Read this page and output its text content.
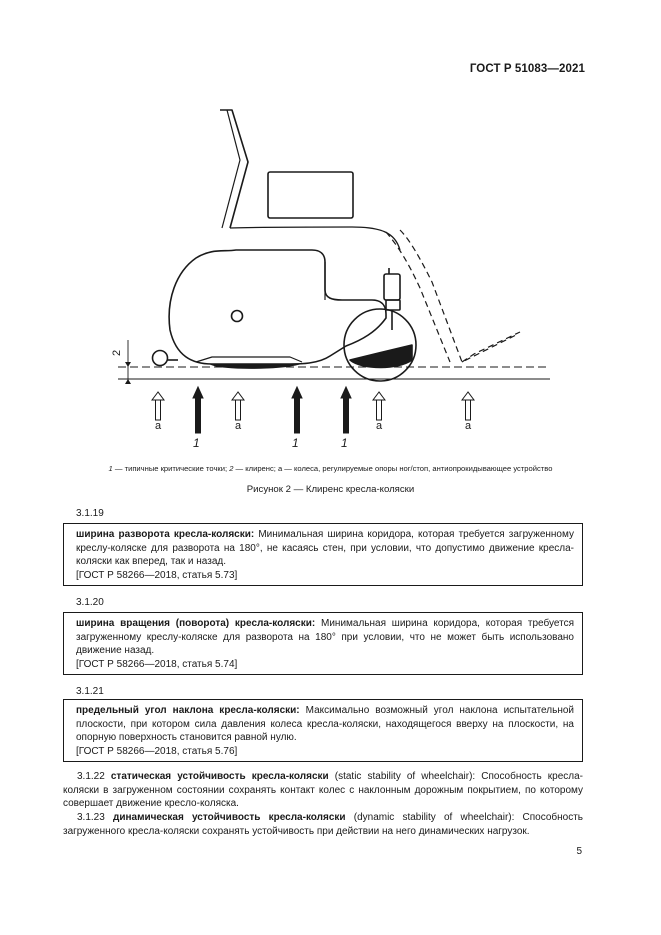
ГОСТ Р 51083—2021
2
а
1
а
1	1
а	а
1 — типичные критические точки; 2 — клиренс; а — колеса, регулируемые опоры ног/стоп, антиопрокидывающее устройство
Рисунок 2 — Клиренс кресла-коляски
3.1.19
ширина разворота кресла-коляски: Минимальная ширина коридора, которая требуется загруженному креслу-коляске для разворота на 180°, не касаясь стен, при условии, что допустимо движение кресла-коляски как вперед, так и назад.
[ГОСТ Р 58266—2018, статья 5.73]
3.1.20
ширина вращения (поворота) кресла-коляски: Минимальная ширина коридора, которая требуется загруженному креслу-коляске для разворота на 180° при условии, что не может быть использовано движение назад.
[ГОСТ Р 58266—2018, статья 5.74]
3.1.21
предельный угол наклона кресла-коляски: Максимально возможный угол наклона испытательной плоскости, при котором сила давления колеса кресла-коляски, находящегося вверху на плоскости, на опорную поверхность становится равной нулю.
[ГОСТ Р 58266—2018, статья 5.76]
3.1.22 статическая устойчивость кресла-коляски (static stability of wheelchair): Способность кресла-коляски в загруженном состоянии сохранять контакт колес с наклонным дорожным покрытием, по которому совершает движение кресло-коляска.
3.1.23 динамическая устойчивость кресла-коляски (dynamic stability of wheelchair): Способность загруженного кресла-коляски сохранять устойчивость при действии на него динамических нагрузок.
5
